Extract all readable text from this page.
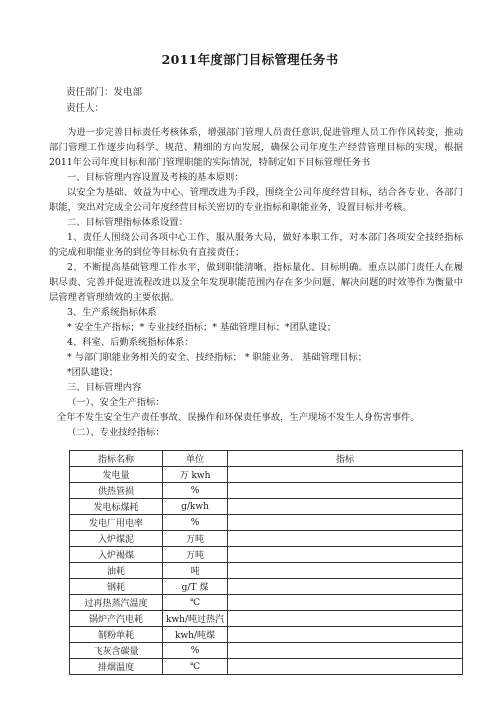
2011年度部门目标管理任务书
责任部门：发电部
责任人：

为进一步完善目标责任考核体系，增强部门管理人员责任意识,促进管理人员工作作风转变，推动部门管理工作逐步向科学、规范、精细的方向发展，确保公司年度生产经营管理目标的实现，根据2011年公司年度目标和部门管理职能的实际情况，特制定如下目标管理任务书

一、目标管理内容设置及考核的基本原则：

以安全为基础、效益为中心、管理改进为手段，围绕全公司年度经营目标，结合各专业、各部门职能，突出对完成全公司年度经营目标关密切的专业指标和职能业务，设置目标并考核。

二、目标管理指标体系设置：

1、责任人围绕公司各项中心工作，服从服务大局，做好本职工作，对本部门各项安全技经指标的完成和职能业务的到位等目标负有直接责任；

2、不断提高基础管理工作水平，做到职能清晰、指标量化、目标明确。重点以部门责任人在履职尽责、完善并促进流程改进以及全年发现职能范围内存在多少问题、解决问题的时效等作为衡量中层管理者管理绩效的主要依据。

3、生产系统指标体系

* 安全生产指标；* 专业技经指标；* 基础管理目标；*团队建设；

4、科室、后勤系统指标体系：

* 与部门职能业务相关的安全、技经指标； * 职能业务、 基础管理目标；

*团队建设；

三、目标管理内容

（一）、安全生产指标：

全年不发生安全生产责任事故、误操作和环保责任事故，生产现场不发生人身伤害事件。

（二）、专业技经指标：

指标名称	单位	指标
发电量	万 kwh	
供热管损	%	
发电标煤耗	g/kwh	
发电厂用电率	%	
入炉煤泥	万吨	
入炉褐煤	万吨	
油耗	吨	
钢耗	g/T 煤	
过再热蒸汽温度	℃	
锅炉产汽电耗	kwh/吨过热汽	
制粉单耗	kwh/吨煤	
飞灰含碳量	%	
排烟温度	℃	
